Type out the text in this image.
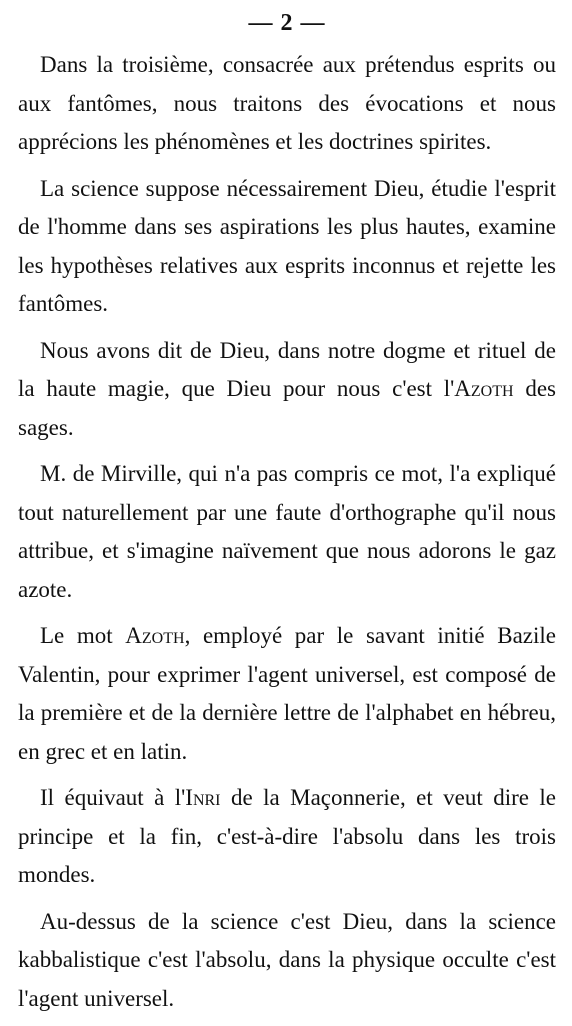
— 2 —

Dans la troisième, consacrée aux prétendus esprits ou aux fantômes, nous traitons des évocations et nous apprécions les phénomènes et les doctrines spirites.

La science suppose nécessairement Dieu, étudie l'esprit de l'homme dans ses aspirations les plus hautes, examine les hypothèses relatives aux esprits inconnus et rejette les fantômes.

Nous avons dit de Dieu, dans notre dogme et rituel de la haute magie, que Dieu pour nous c'est l'Azoth des sages.

M. de Mirville, qui n'a pas compris ce mot, l'a expliqué tout naturellement par une faute d'orthographe qu'il nous attribue, et s'imagine naïvement que nous adorons le gaz azote.

Le mot Azoth, employé par le savant initié Bazile Valentin, pour exprimer l'agent universel, est composé de la première et de la dernière lettre de l'alphabet en hébreu, en grec et en latin.

Il équivaut à l'Inri de la Maçonnerie, et veut dire le principe et la fin, c'est-à-dire l'absolu dans les trois mondes.

Au-dessus de la science c'est Dieu, dans la science kabbalistique c'est l'absolu, dans la physique occulte c'est l'agent universel.
